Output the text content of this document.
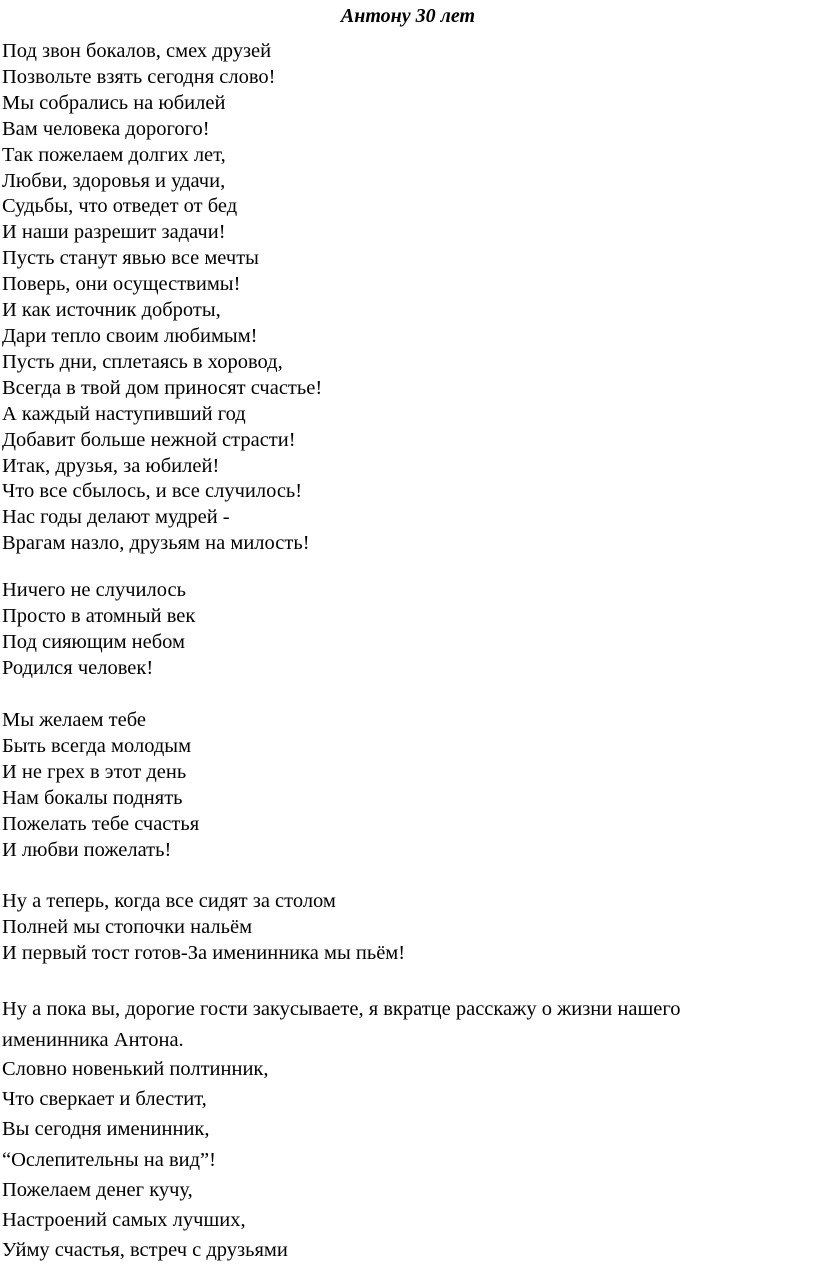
Антону 30 лет
Под звон бокалов, смех друзей
Позвольте взять сегодня слово!
Мы собрались на юбилей
Вам человека дорогого!
Так пожелаем долгих лет,
Любви, здоровья и удачи,
Судьбы, что отведет от бед
И наши разрешит задачи!
Пусть станут явью все мечты
Поверь, они осуществимы!
И как источник доброты,
Дари тепло своим любимым!
Пусть дни, сплетаясь в хоровод,
Всегда в твой дом приносят счастье!
А каждый наступивший год
Добавит больше нежной страсти!
Итак, друзья, за юбилей!
Что все сбылось, и все случилось!
Нас годы делают мудрей -
Врагам назло, друзьям на милость!
Ничего не случилось
Просто в атомный век
Под сияющим небом
Родился человек!
Мы желаем тебе
Быть всегда молодым
И не грех в этот день
Нам бокалы поднять
Пожелать тебе счастья
И любви пожелать!
Ну а теперь, когда все сидят за столом
Полней мы стопочки нальём
И первый тост готов-За именинника мы пьём!

Ну а пока вы, дорогие гости закусываете, я вкратце расскажу о жизни нашего именинника Антона.

Словно новенький полтинник,
Что сверкает и блестит,
Вы сегодня именинник,
“Ослепительны на вид”!
Пожелаем денег кучу,
Настроений самых лучших,
Уйму счастья, встреч с друзьями
